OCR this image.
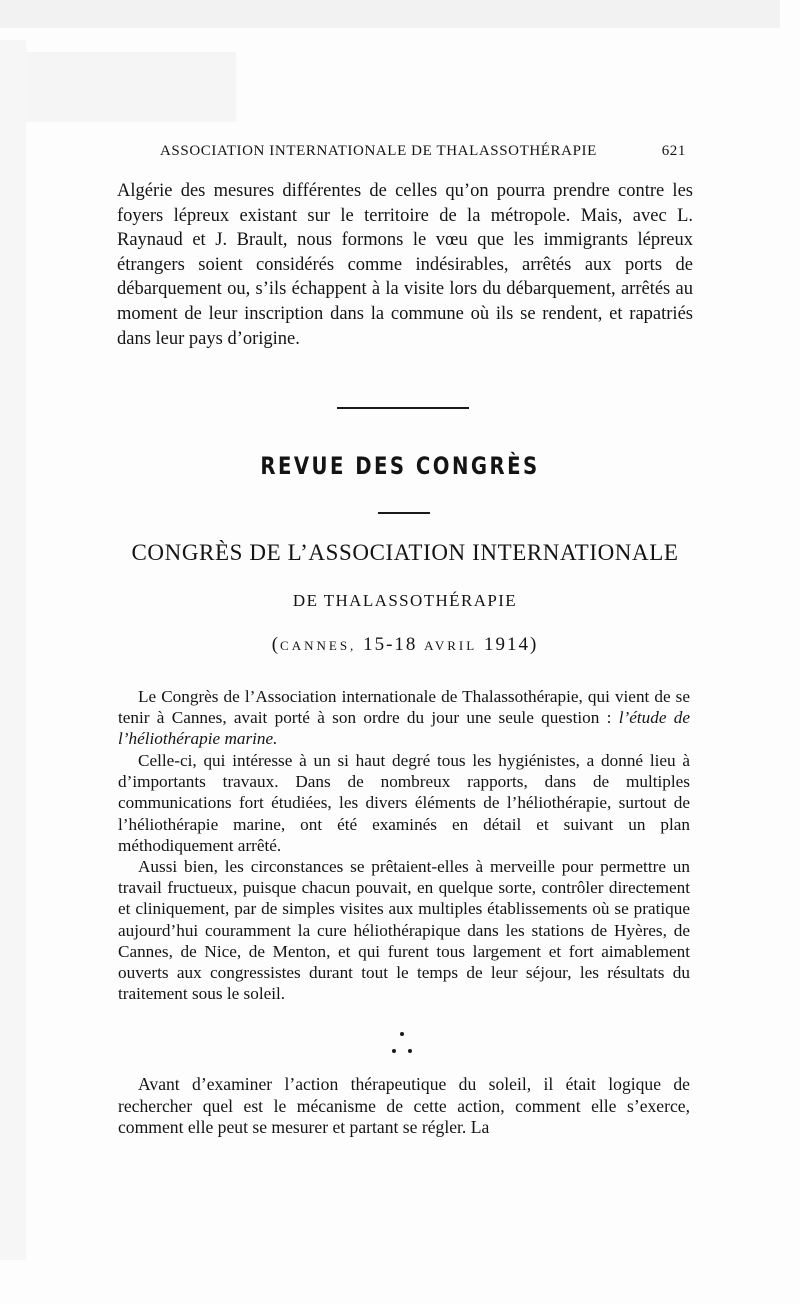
ASSOCIATION INTERNATIONALE DE THALASSOTHÉRAPIE	621

Algérie des mesures différentes de celles qu’on pourra prendre contre les foyers lépreux existant sur le territoire de la métropole. Mais, avec L. Raynaud et J. Brault, nous formons le vœu que les immigrants lépreux étrangers soient considérés comme indésirables, arrêtés aux ports de débarquement ou, s’ils échappent à la visite lors du débarquement, arrêtés au moment de leur inscription dans la commune où ils se rendent, et rapatriés dans leur pays d’origine.

REVUE DES CONGRÈS
CONGRÈS DE L’ASSOCIATION INTERNATIONALE
DE THALASSOTHÉRAPIE
(CANNES, 15-18 AVRIL 1914)

Le Congrès de l’Association internationale de Thalassothérapie, qui vient de se tenir à Cannes, avait porté à son ordre du jour une seule question : l’étude de l’héliothérapie marine.

Celle-ci, qui intéresse à un si haut degré tous les hygiénistes, a donné lieu à d’importants travaux. Dans de nombreux rapports, dans de multiples communications fort étudiées, les divers éléments de l’héliothérapie, surtout de l’héliothérapie marine, ont été examinés en détail et suivant un plan méthodiquement arrêté.

Aussi bien, les circonstances se prêtaient-elles à merveille pour permettre un travail fructueux, puisque chacun pouvait, en quelque sorte, contrôler directement et cliniquement, par de simples visites aux multiples établissements où se pratique aujourd’hui couramment la cure héliothérapique dans les stations de Hyères, de Cannes, de Nice, de Menton, et qui furent tous largement et fort aimablement ouverts aux congressistes durant tout le temps de leur séjour, les résultats du traitement sous le soleil.

Avant d’examiner l’action thérapeutique du soleil, il était logique de rechercher quel est le mécanisme de cette action, comment elle s’exerce, comment elle peut se mesurer et partant se régler. La
